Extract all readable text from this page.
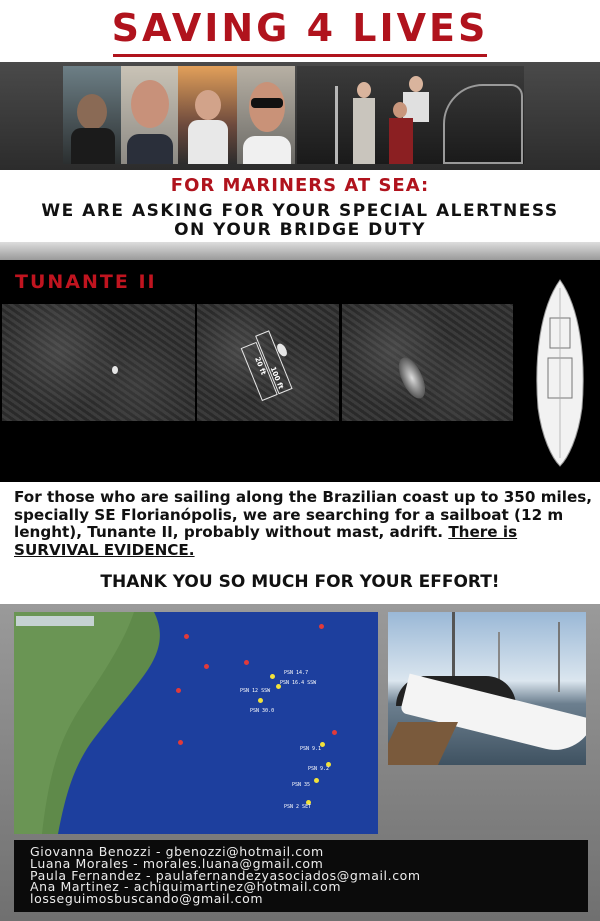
SAVING 4 LIVES
FOR MARINERS AT SEA:
WE ARE ASKING FOR YOUR SPECIAL ALERTNESS
ON YOUR BRIDGE DUTY
TUNANTE II
20 ft 100 ft
For those who are sailing along the Brazilian coast up to 350 miles, specially SE Florianópolis, we are searching for a sailboat (12 m lenght), Tunante II, probably without mast, adrift. There is SURVIVAL EVIDENCE.
THANK YOU SO MUCH FOR YOUR EFFORT!
PSN 14.7
PSN 16.4 SSW
PSN 12 SSW
PSN 30.0
PSN 9.1
PSN 9.2
PSN 35
PSN 2 SET
Giovanna Benozzi - gbenozzi@hotmail.com
Luana Morales - morales.luana@gmail.com
Paula Fernandez - paulafernandezyasociados@gmail.com
Ana Martinez - achiquimartinez@hotmail.com
losseguimosbuscando@gmail.com
